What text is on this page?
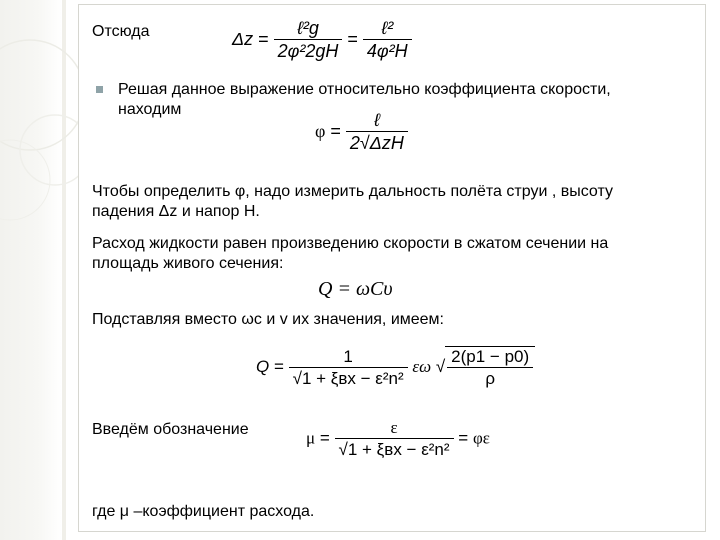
Отсюда	$\Delta z = \frac{\text{ℓ²g}}{\text{2φ²2gH}} = \frac{\text{ℓ²}}{\text{4φ²H}}$
Решая данное выражение относительно коэффициента скорости,
находим
$\varphi = \frac{\text{ℓ}}{\text{2√ΔzH}}$
Чтобы определить φ, надо измерить дальность полёта струи , высоту
падения Δz и напор H.
Расход жидкости равен произведению скорости в сжатом сечении на
площадь живого сечения:
Q = ωCυ
Подставляя вместо ωc и v их значения, имеем:
$Q = \frac{1}{\text{√1 + ξвх − ε²n²}}$ εω √ $\frac{2(p1 - p0)}{\rho}$
Введём обозначение	$\mu = \frac{\varepsilon}{\text{√1 + ξвх − ε²n²}} = \varphi\varepsilon$
где μ –коэффициент расхода.
